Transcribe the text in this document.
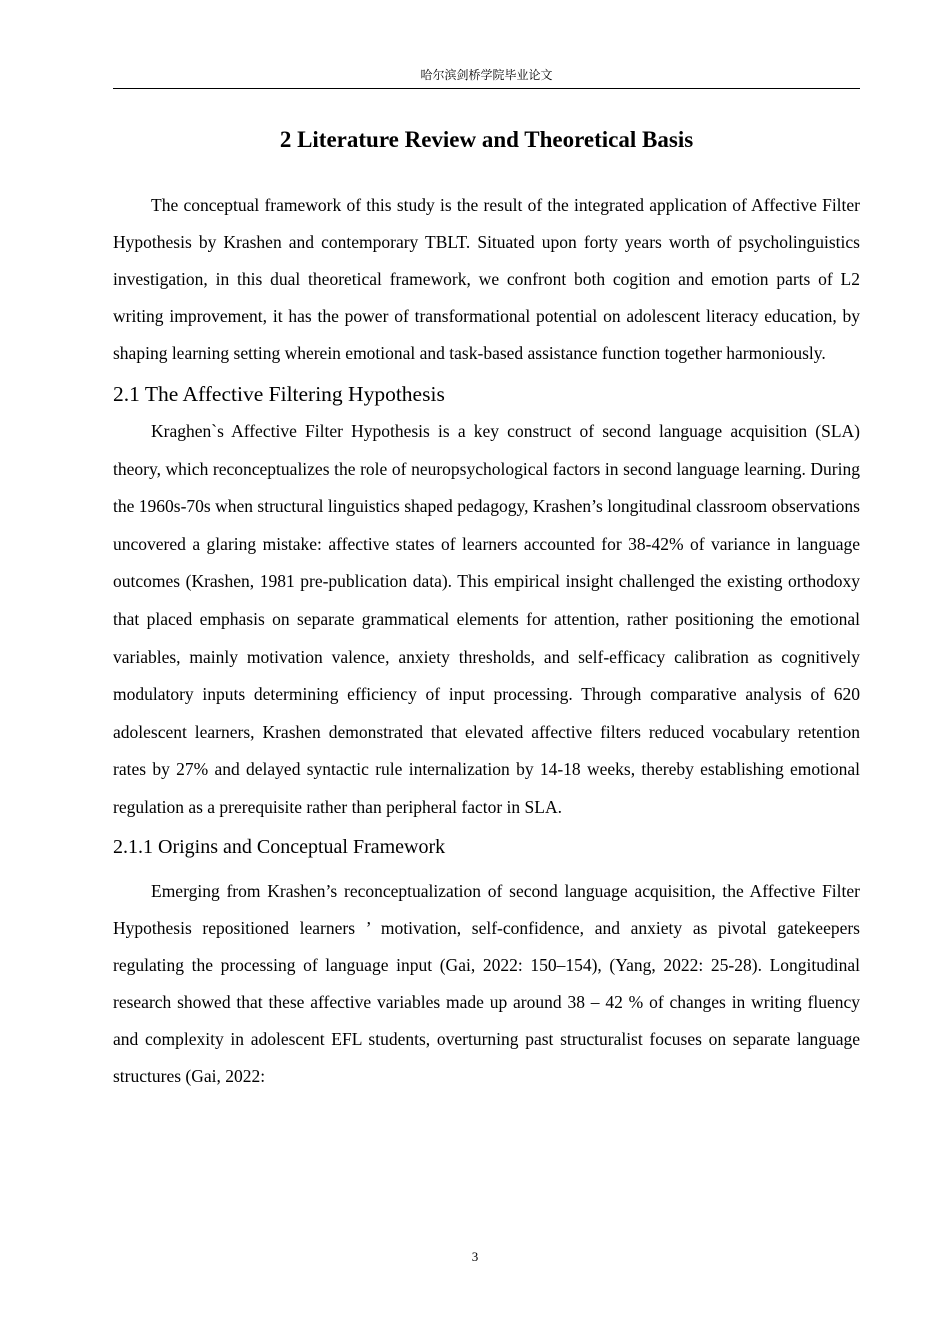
哈尔滨剑桥学院毕业论文
2 Literature Review and Theoretical Basis

The conceptual framework of this study is the result of the integrated application of Affective Filter Hypothesis by Krashen and contemporary TBLT. Situated upon forty years worth of psycholinguistics investigation, in this dual theoretical framework, we confront both cogition and emotion parts of L2 writing improvement, it has the power of transformational potential on adolescent literacy education, by shaping learning setting wherein emotional and task-based assistance function together harmoniously.

2.1 The Affective Filtering Hypothesis

Kraghen`s Affective Filter Hypothesis is a key construct of second language acquisition (SLA) theory, which reconceptualizes the role of neuropsychological factors in second language learning. During the 1960s-70s when structural linguistics shaped pedagogy, Krashen’s longitudinal classroom observations uncovered a glaring mistake: affective states of learners accounted for 38-42% of variance in language outcomes (Krashen, 1981 pre-publication data). This empirical insight challenged the existing orthodoxy that placed emphasis on separate grammatical elements for attention, rather positioning the emotional variables, mainly motivation valence, anxiety thresholds, and self-efficacy calibration as cognitively modulatory inputs determining efficiency of input processing. Through comparative analysis of 620 adolescent learners, Krashen demonstrated that elevated affective filters reduced vocabulary retention rates by 27% and delayed syntactic rule internalization by 14-18 weeks, thereby establishing emotional regulation as a prerequisite rather than peripheral factor in SLA.

2.1.1 Origins and Conceptual Framework

Emerging from Krashen’s reconceptualization of second language acquisition, the Affective Filter Hypothesis repositioned learners ’ motivation, self-confidence, and anxiety as pivotal gatekeepers regulating the processing of language input (Gai, 2022: 150–154), (Yang, 2022: 25-28). Longitudinal research showed that these affective variables made up around 38 – 42 % of changes in writing fluency and complexity in adolescent EFL students, overturning past structuralist focuses on separate language structures (Gai, 2022:

3
